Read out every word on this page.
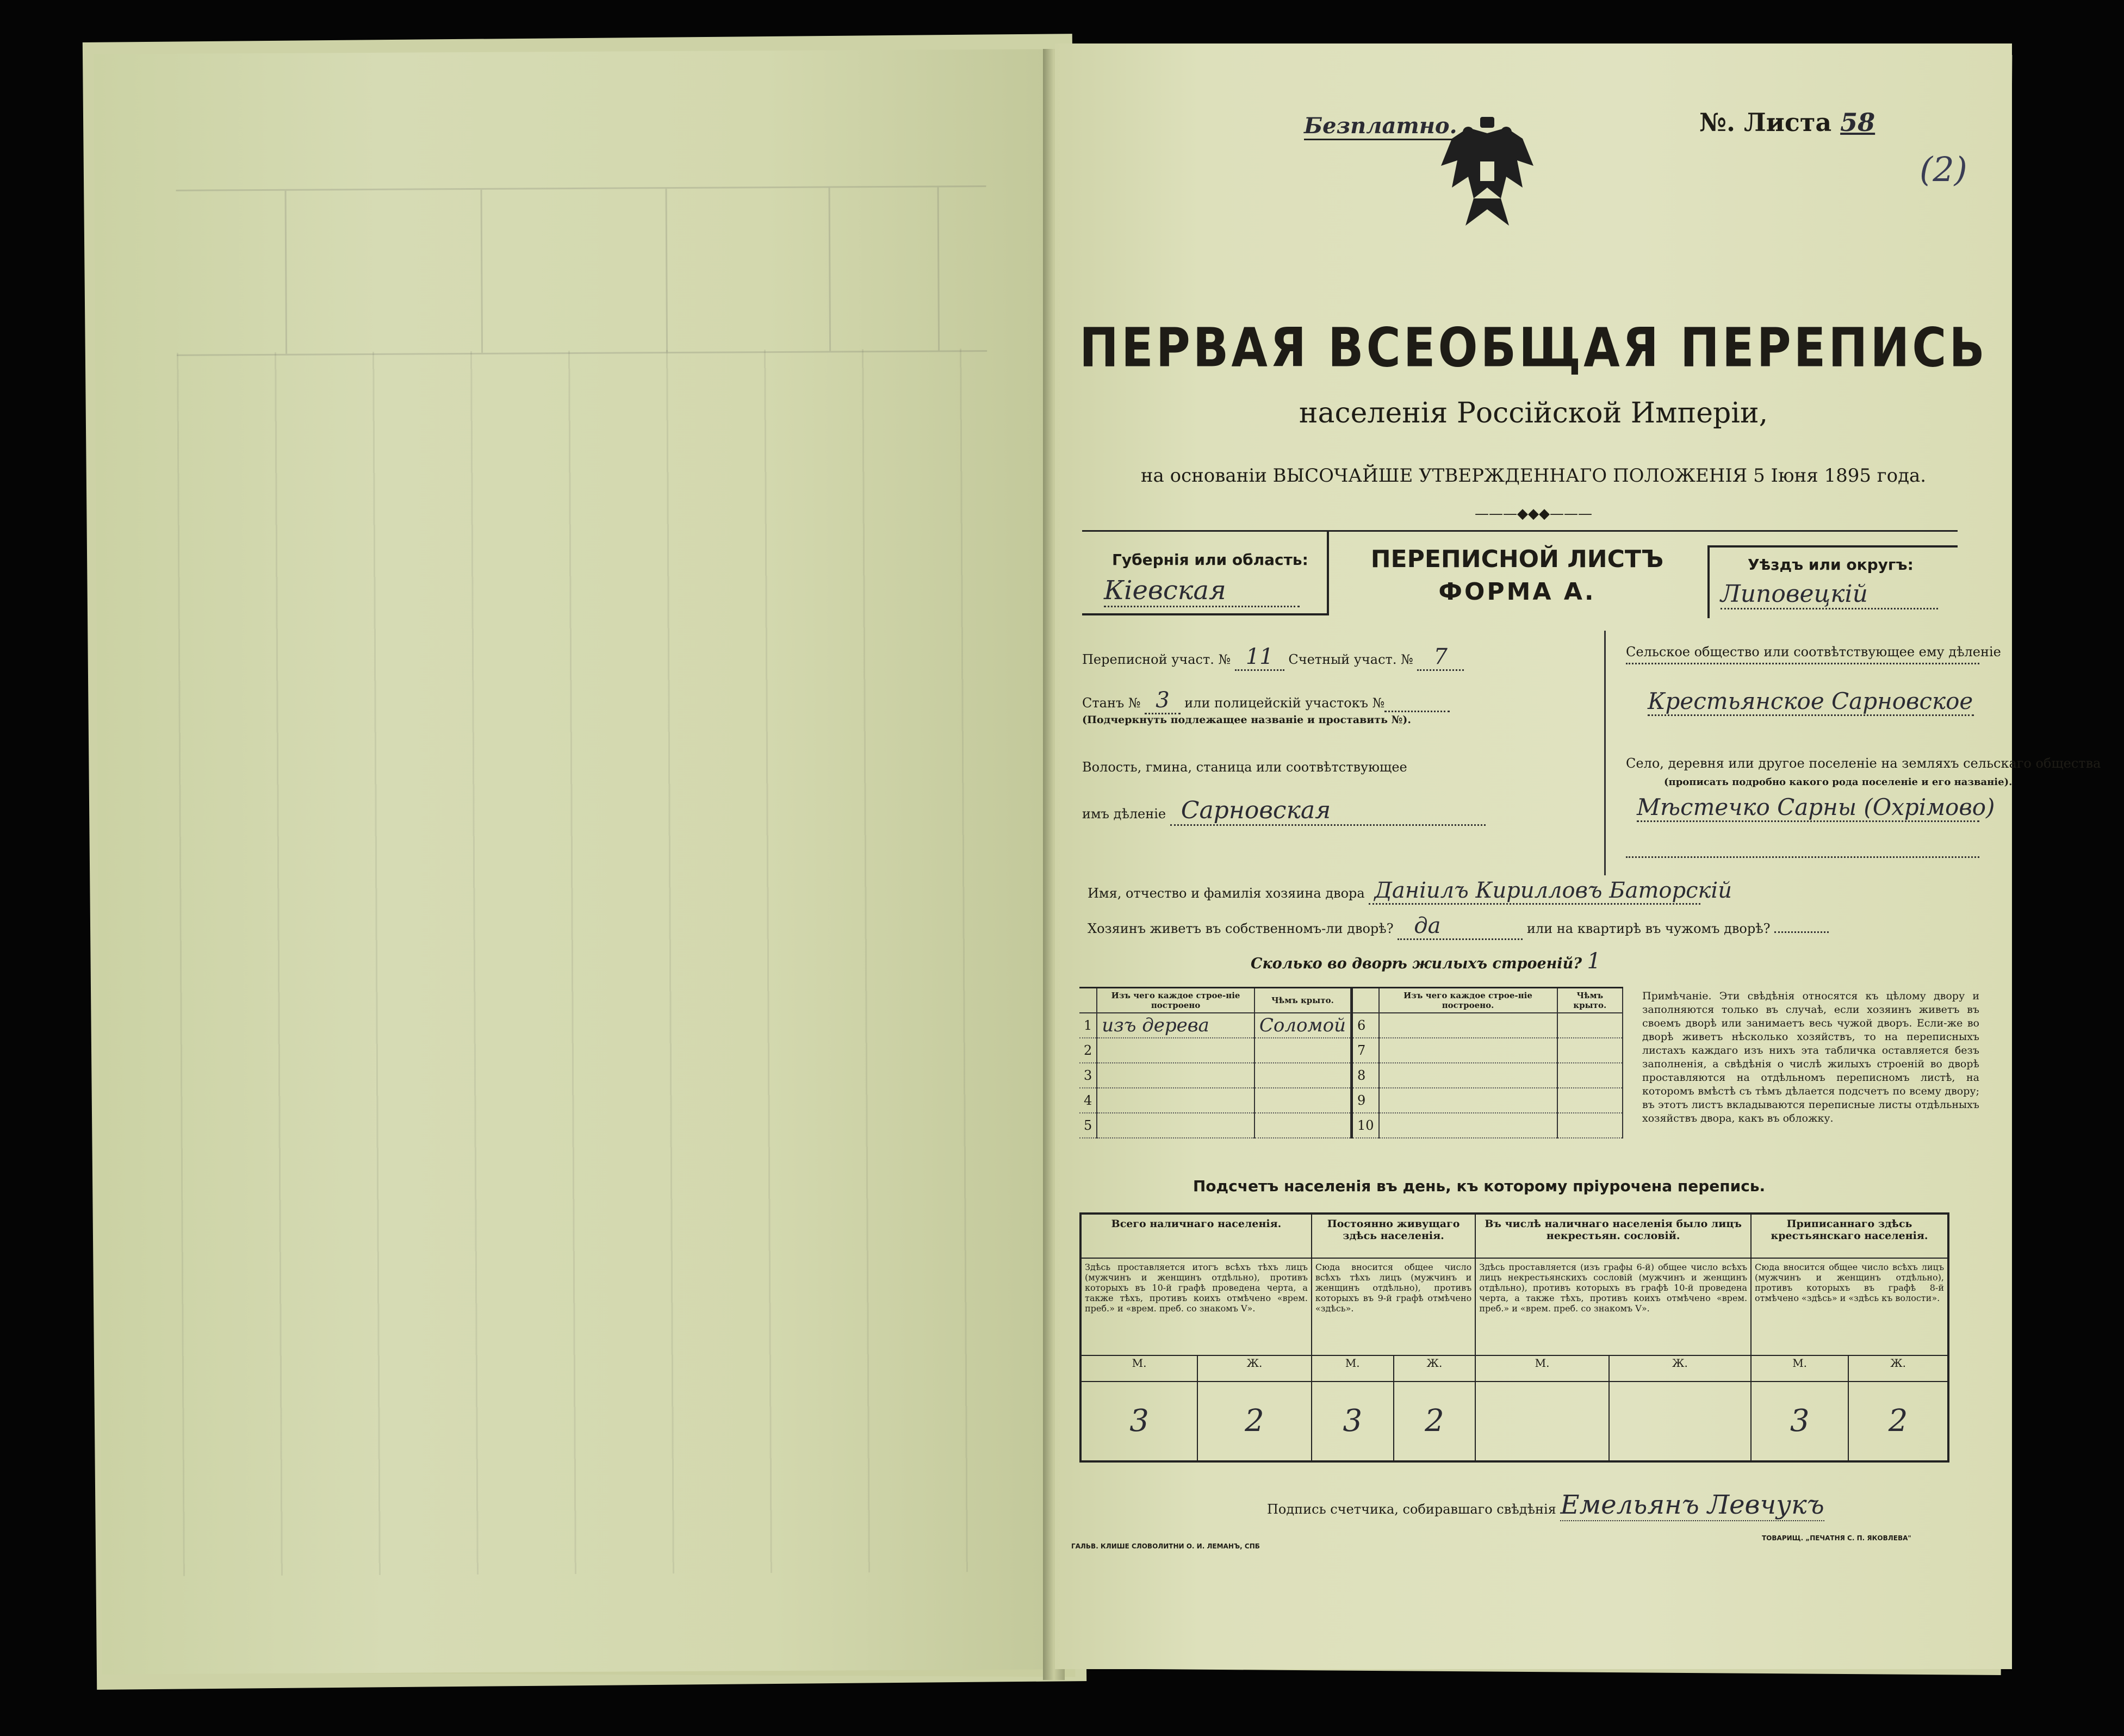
Безплатно.	№. Листа 58
(2)
ПЕРВАЯ ВСЕОБЩАЯ ПЕРЕПИСЬ
населенія Россійской Имперіи,
на основаніи ВЫСОЧАЙШЕ УТВЕРЖДЕННАГО ПОЛОЖЕНІЯ 5 Іюня 1895 года.
———◆◆◆———
Губернія или область:
Кіевская
ПЕРЕПИСНОЙ ЛИСТЪ
ФОРМА А.
Уѣздъ или округъ:
Липовецкій
Переписной участ. № 11 Счетный участ. № 7
Станъ № 3 или полицейскій участокъ №
(Подчеркнуть подлежащее названіе и проставить №).
Волость, гмина, станица или соотвѣтствующее
имъ дѣленіе Сарновская
Сельское общество или соотвѣтствующее ему дѣленіе
Крестьянское Сарновское
Село, деревня или другое поселеніе на земляхъ сельскаго общества
(прописать подробно какого рода поселеніе и его названіе).
Мѣстечко Сарны (Охрімово)
Имя, отчество и фамилія хозяина двора Даніилъ Кирилловъ Баторскій
Хозяинъ живетъ въ собственномъ-ли дворѣ? да	или на квартирѣ въ чужомъ дворѣ?
Сколько во дворѣ жилыхъ строеній? 1
	Изъ чего каждое строе-ніе построено	Чѣмъ крыто.
1	изъ дерева	Соломой
2		
3		
4		
5		
	Изъ чего каждое строе-ніе построено.	Чѣмъ крыто.
6		
7		
8		
9		
10		
Примѣчаніе. Эти свѣдѣнія относятся къ цѣлому двору и заполняются только въ случаѣ, если хозяинъ живетъ въ своемъ дворѣ или занимаетъ весь чужой дворъ. Если-же во дворѣ живетъ нѣсколько хозяйствъ, то на переписныхъ листахъ каждаго изъ нихъ эта табличка оставляется безъ заполненія, а свѣдѣнія о числѣ жилыхъ строеній во дворѣ проставляются на отдѣльномъ переписномъ листѣ, на которомъ вмѣстѣ съ тѣмъ дѣлается подсчетъ по всему двору; въ этотъ листъ вкладываются переписные листы отдѣльныхъ хозяйствъ двора, какъ въ обложку.
Подсчетъ населенія въ день, къ которому пріурочена перепись.
Всего наличнаго населенія.		Постоянно живущаго здѣсь населенія.		Въ числѣ наличнаго населенія было лицъ некрестьян. сословій.		Приписаннаго здѣсь крестьянскаго населенія.	
Здѣсь проставляется итогъ всѣхъ тѣхъ лицъ (мужчинъ и женщинъ отдѣльно), противъ которыхъ въ 10-й графѣ проведена черта, а также тѣхъ, противъ коихъ отмѣчено «врем. преб.» и «врем. преб. со знакомъ V».		Сюда вносится общее число всѣхъ тѣхъ лицъ (мужчинъ и женщинъ отдѣльно), противъ которыхъ въ 9-й графѣ отмѣчено «здѣсь».		Здѣсь проставляется (изъ графы 6-й) общее число всѣхъ лицъ некрестьянскихъ сословій (мужчинъ и женщинъ отдѣльно), противъ которыхъ въ графѣ 10-й проведена черта, а также тѣхъ, противъ коихъ отмѣчено «врем. преб.» и «врем. преб. со знакомъ V».		Сюда вносится общее число всѣхъ лицъ (мужчинъ и женщинъ отдѣльно), противъ которыхъ въ графѣ 8-й отмѣчено «здѣсь» и «здѣсь къ волости».	
М.	Ж.	М.	Ж.	М.	Ж.	М.	Ж.
3	2	3	2			3	2
Подпись счетчика, собиравшаго свѣдѣнія Емельянъ Левчукъ
ГАЛЬВ. КЛИШЕ СЛОВОЛИТНИ О. И. ЛЕМАНЪ, СПБ
ТОВАРИЩ. „ПЕЧАТНЯ С. П. ЯКОВЛЕВА"
